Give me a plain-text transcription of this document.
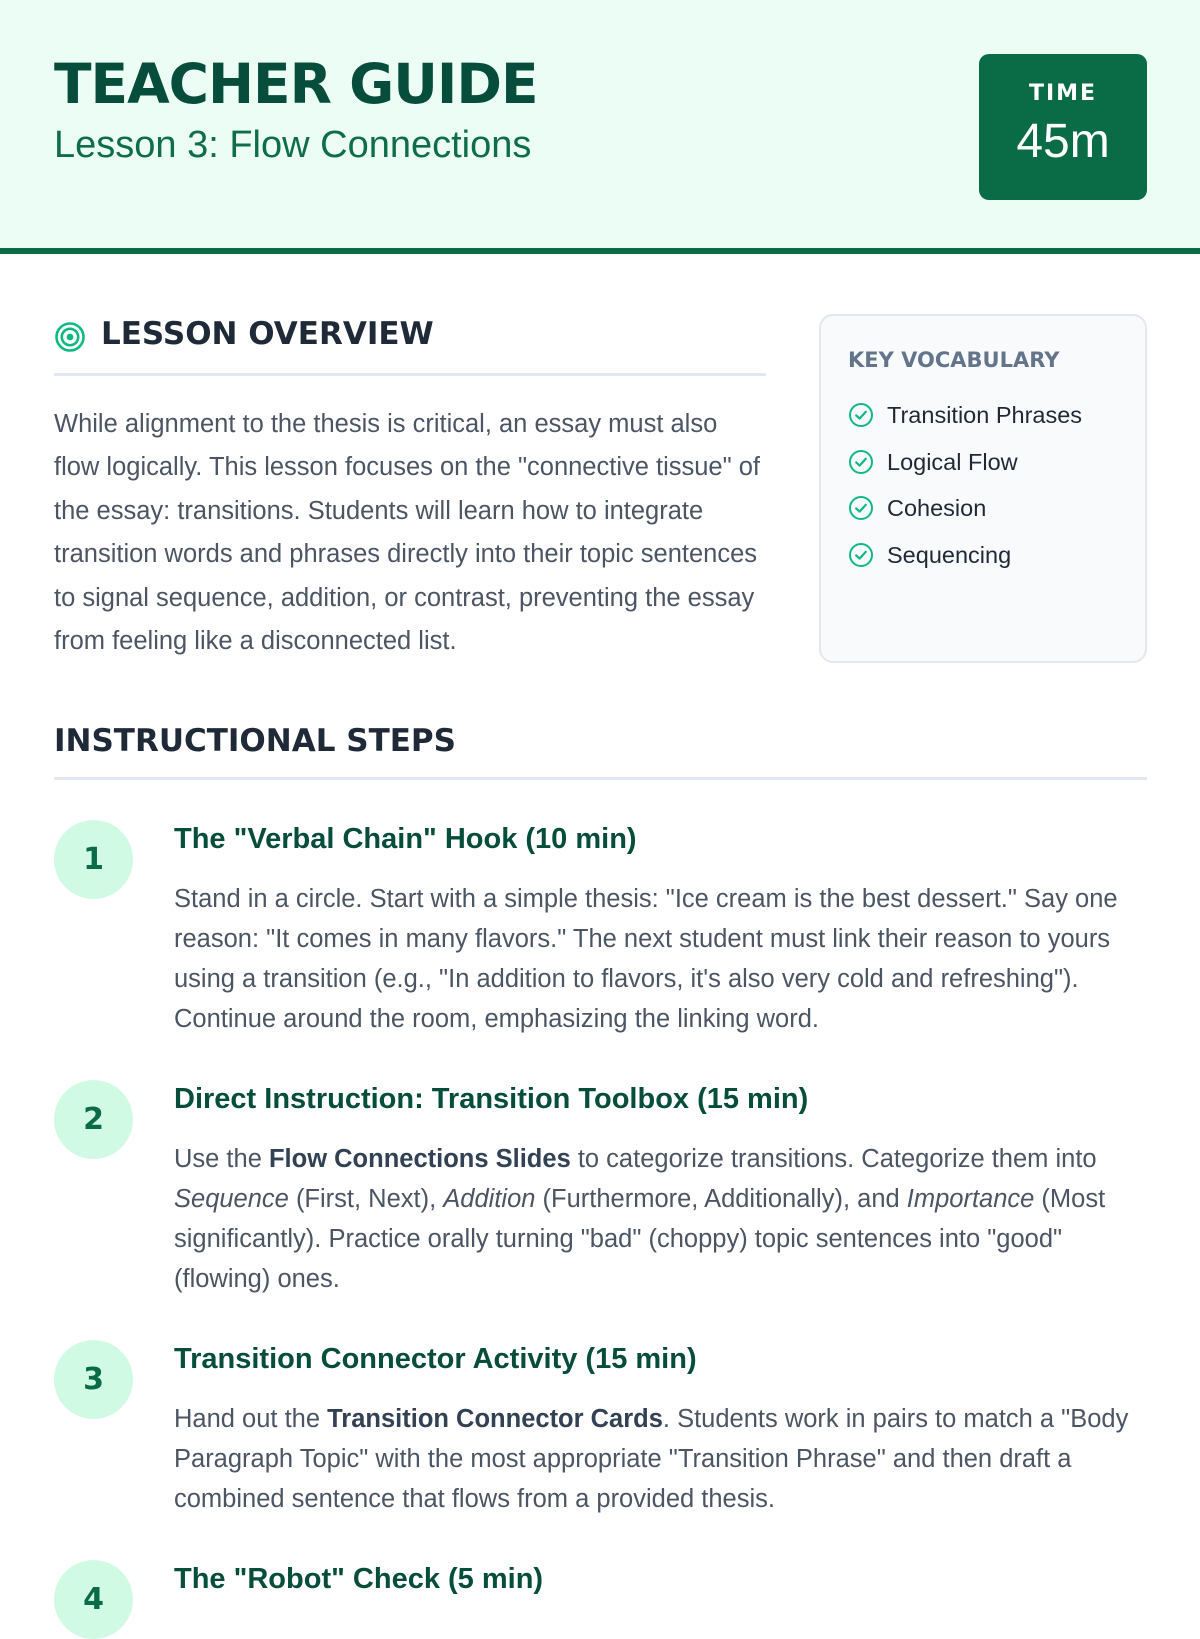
TEACHER GUIDE
Lesson 3: Flow Connections
TIME
45m
LESSON OVERVIEW
While alignment to the thesis is critical, an essay must also flow logically. This lesson focuses on the "connective tissue" of the essay: transitions. Students will learn how to integrate transition words and phrases directly into their topic sentences to signal sequence, addition, or contrast, preventing the essay from feeling like a disconnected list.
KEY VOCABULARY
Transition Phrases
Logical Flow
Cohesion
Sequencing
INSTRUCTIONAL STEPS
1
The "Verbal Chain" Hook (10 min)
Stand in a circle. Start with a simple thesis: "Ice cream is the best dessert." Say one reason: "It comes in many flavors." The next student must link their reason to yours using a transition (e.g., "In addition to flavors, it's also very cold and refreshing"). Continue around the room, emphasizing the linking word.
2
Direct Instruction: Transition Toolbox (15 min)
Use the Flow Connections Slides to categorize transitions. Categorize them into Sequence (First, Next), Addition (Furthermore, Additionally), and Importance (Most significantly). Practice orally turning "bad" (choppy) topic sentences into "good" (flowing) ones.
3
Transition Connector Activity (15 min)
Hand out the Transition Connector Cards. Students work in pairs to match a "Body Paragraph Topic" with the most appropriate "Transition Phrase" and then draft a combined sentence that flows from a provided thesis.
4
The "Robot" Check (5 min)
